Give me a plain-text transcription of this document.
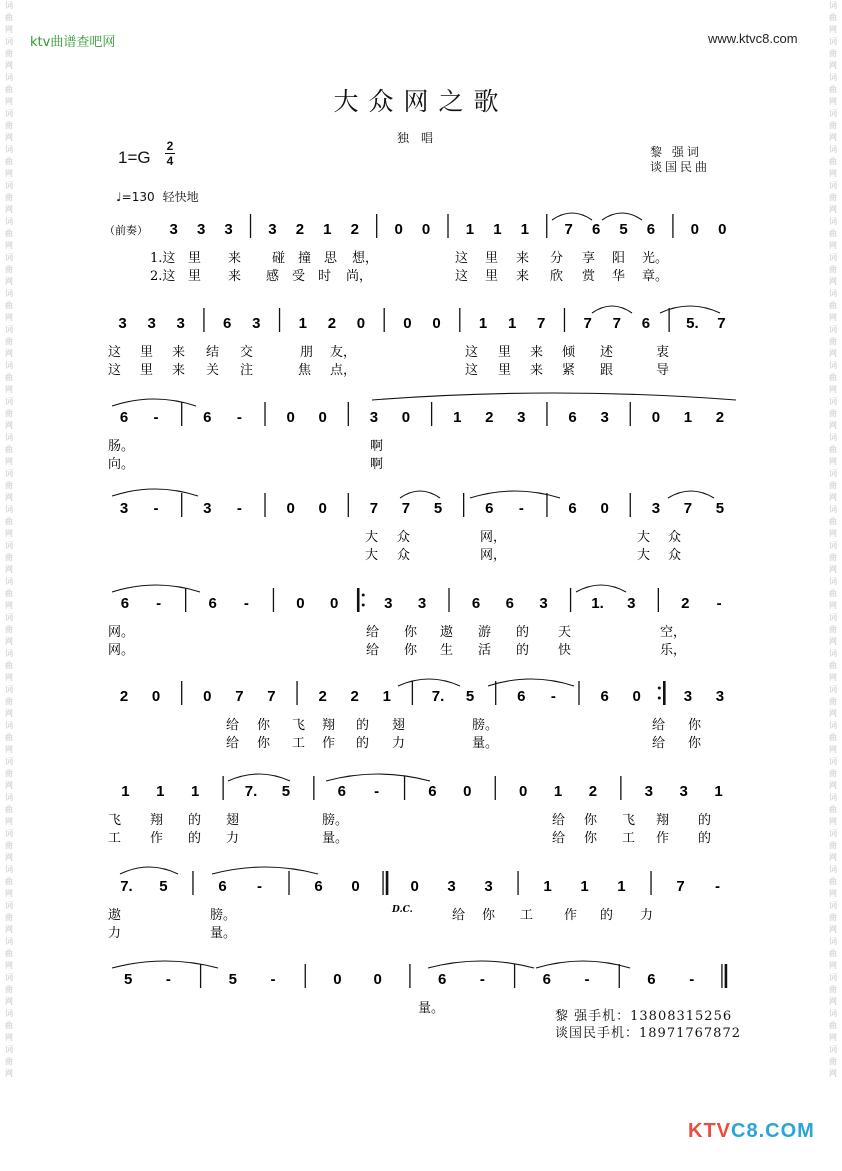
词
曲
网
词
曲
网
词
曲
网
词
曲
网
词
曲
网
词
曲
网
词
曲
网
词
曲
网
词
曲
网
词
曲
网
词
曲
网
词
曲
网
词
曲
网
词
曲
网
词
曲
网
词
曲
网
词
曲
网
词
曲
网
词
曲
网
词
曲
网
词
曲
网
词
曲
网
词
曲
网
词
曲
网
词
曲
网
词
曲
网
词
曲
网
词
曲
网
词
曲
网
词
曲
网
词
曲
网
词
曲
网
词
曲
网
词
曲
网
词
曲
网
词
曲
网
词
曲
网
词
曲
网
词
曲
网
词
曲
网
词
曲
网
词
曲
网
词
曲
网
词
曲
网
词
曲
网
词
曲
网
词
曲
网
词
曲
网
词
曲
网
词
曲
网
词
曲
网
词
曲
网
词
曲
网
词
曲
网
词
曲
网
词
曲
网
词
曲
网
词
曲
网
词
曲
网
词
曲
网
ktv曲谱查吧网	www.ktvc8.com
大众网之歌
独唱
黎 强词
谈国民曲
1=G
2
4
♩=130 轻快地
3 3 3 3 2 1 2 0 0 1 1 1 7 6 5 6 0 0
1.这 里 来 碰 撞 思 想，	这 里 来 分 享 阳 光。
2.这 里 来 感 受 时 尚，	这 里 来 欣 赏 华 章。
3 3 3	6 3	1 2 0	0 0	1 1 7	7 7 6 5. 7
这 里 来 结 交	朋 友，	这 里 来 倾 述	衷
这 里 来 关 注	焦 点，	这 里 来 紧 跟	导
6 -	6 -	0 0	3 0	1 2 3	6 3	0 1 2
肠。	啊
向。	啊
3 -	3 -	0 0	7 7 5	6 -	6 0	3 7 5
大 众	网，	大 众
大 众	网，	大 众
6 -	6 -	0 0	3 3	6 6 3	1. 3	2 -
网。	给 你 遨 游 的 天	空，
网。	给 你 生 活 的 快	乐，
2 0	0 7 7	2 2 1	7. 5	6 -	6 0	3 3
给 你 飞 翔 的 翅	膀。	给 你
给 你 工 作 的 力	量。	给 你
1 1 1	7. 5	6 -	6 0	0 1 2	3 3 1
飞 翔 的 翅	膀。	给 你 飞 翔 的
工 作 的 力	量。	给 你 工 作 的
7. 5	6 -	6 0	0 3 3	1 1 1	7 -
遨	膀。	给 你 工 作 的 力
力	量。
5 -	5 -	0 0	6 -	6 -	6 -
量。
（前奏）
D.C.
黎 强手机：13808315256
谈国民手机：18971767872
KTVC8.COM
